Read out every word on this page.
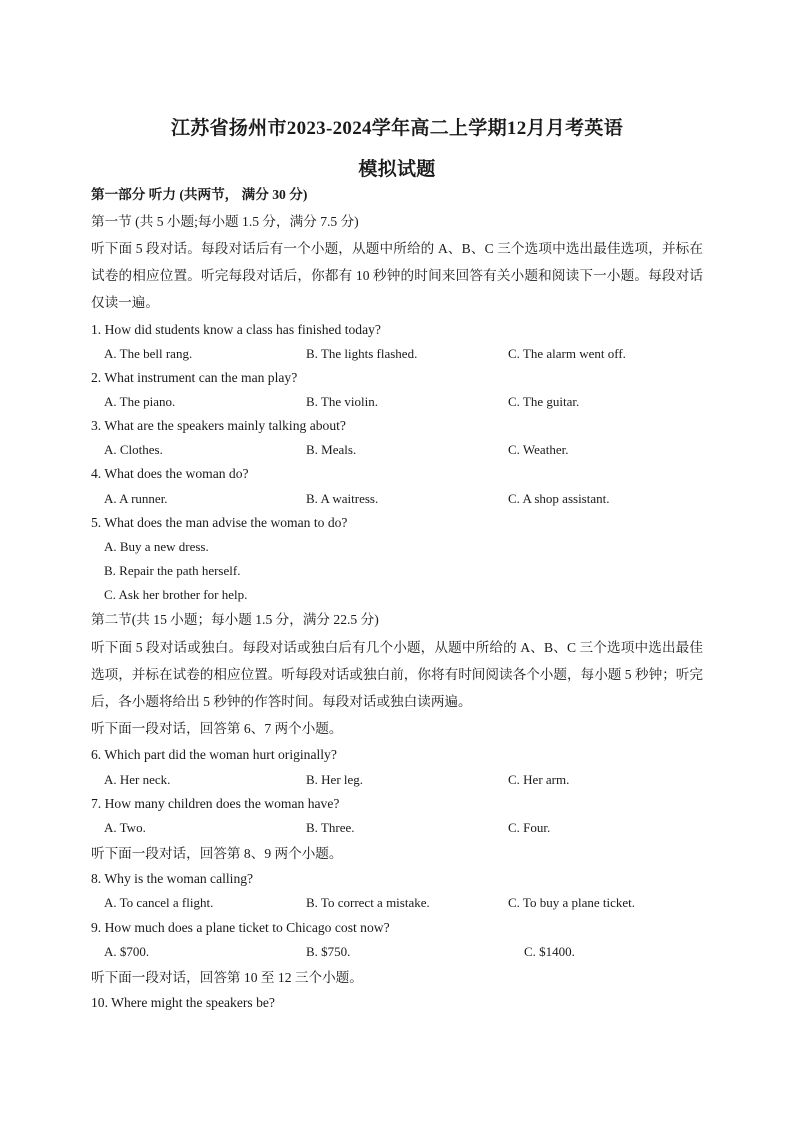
江苏省扬州市2023-2024学年高二上学期12月月考英语
模拟试题
第一部分 听力 (共两节， 满分 30 分)
第一节 (共 5 小题;每小题 1.5 分，满分 7.5 分)
听下面 5 段对话。每段对话后有一个小题，从题中所给的 A、B、C 三个选项中选出最佳选项，并标在试卷的相应位置。听完每段对话后，你都有 10 秒钟的时间来回答有关小题和阅读下一小题。每段对话仅读一遍。
1. How did students know a class has finished today?
A. The bell rang.	B. The lights flashed.	C. The alarm went off.
2. What instrument can the man play?
A. The piano.	B. The violin.	C. The guitar.
3. What are the speakers mainly talking about?
A. Clothes.	B. Meals.	C. Weather.
4. What does the woman do?
A. A runner.	B. A waitress.	C. A shop assistant.
5. What does the man advise the woman to do?
A. Buy a new dress.
B. Repair the path herself.
C. Ask her brother for help.
第二节(共 15 小题；每小题 1.5 分，满分 22.5 分)
听下面 5 段对话或独白。每段对话或独白后有几个小题，从题中所给的 A、B、C 三个选项中选出最佳选项，并标在试卷的相应位置。听每段对话或独白前，你将有时间阅读各个小题，每小题 5 秒钟；听完后，各小题将给出 5 秒钟的作答时间。每段对话或独白读两遍。
听下面一段对话，回答第 6、7 两个小题。
6. Which part did the woman hurt originally?
A. Her neck.	B. Her leg.	C. Her arm.
7. How many children does the woman have?
A. Two.	B. Three.	C. Four.
听下面一段对话，回答第 8、9 两个小题。
8. Why is the woman calling?
A. To cancel a flight.	B. To correct a mistake.	C. To buy a plane ticket.
9. How much does a plane ticket to Chicago cost now?
A. $700.	B. $750.	C. $1400.
听下面一段对话，回答第 10 至 12 三个小题。
10. Where might the speakers be?
